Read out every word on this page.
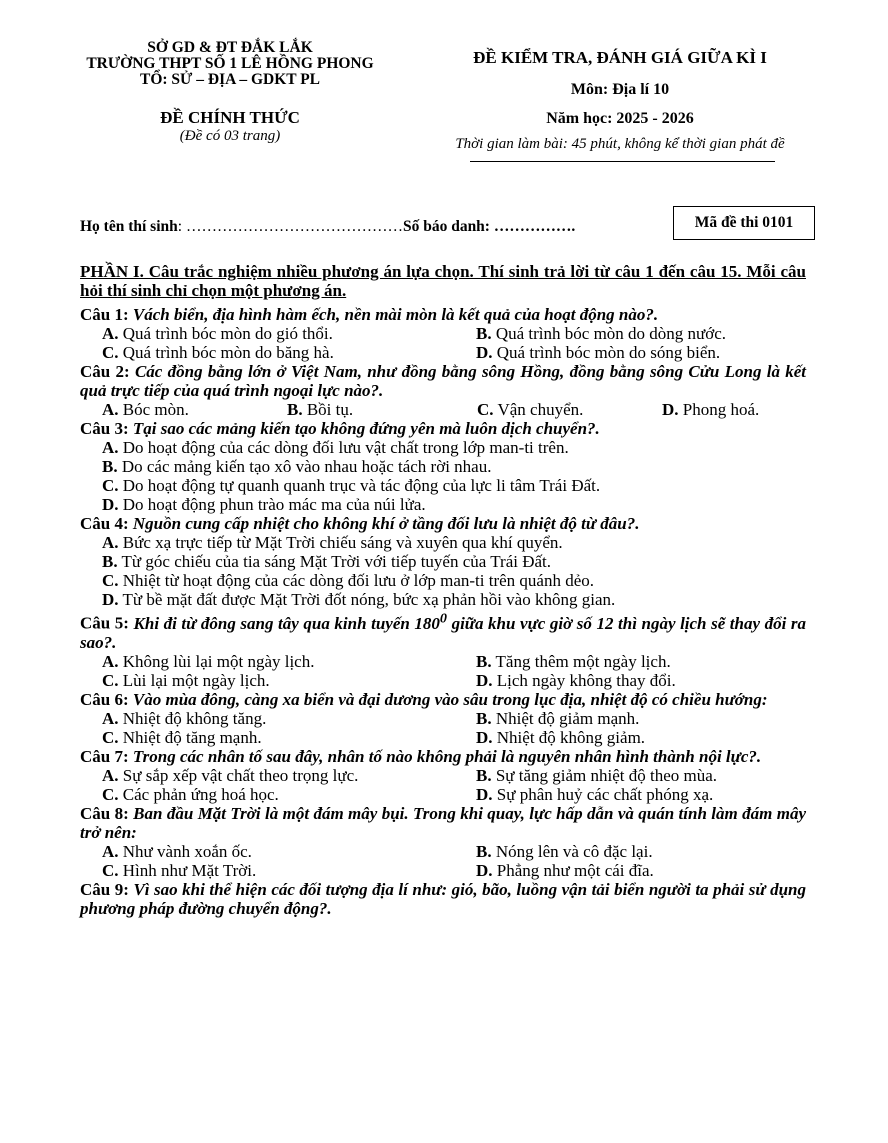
SỞ GD & ĐT ĐẮK LẮK
TRƯỜNG THPT SỐ 1 LÊ HỒNG PHONG
TỔ: SỬ – ĐỊA – GDKT PL
ĐỀ CHÍNH THỨC
(Đề có 03 trang)
ĐỀ KIỂM TRA, ĐÁNH GIÁ GIỮA KÌ I
Môn: Địa lí 10
Năm học: 2025 - 2026
Thời gian làm bài: 45 phút, không kể thời gian phát đề
Họ tên thí sinh: ……………………………………Số báo danh: …………….	Mã đề thi 0101
PHẦN I. Câu trắc nghiệm nhiều phương án lựa chọn. Thí sinh trả lời từ câu 1 đến câu 15. Mỗi câu hỏi thí sinh chỉ chọn một phương án.
Câu 1: Vách biển, địa hình hàm ếch, nền mài mòn là kết quả của hoạt động nào?.
A. Quá trình bóc mòn do gió thổi.	B. Quá trình bóc mòn do dòng nước.
C. Quá trình bóc mòn do băng hà.	D. Quá trình bóc mòn do sóng biển.
Câu 2: Các đồng bằng lớn ở Việt Nam, như đồng bằng sông Hồng, đồng bằng sông Cửu Long là kết quả trực tiếp của quá trình ngoại lực nào?.
A. Bóc mòn.	B. Bồi tụ.	C. Vận chuyển.	D. Phong hoá.
Câu 3: Tại sao các mảng kiến tạo không đứng yên mà luôn dịch chuyển?.
A. Do hoạt động của các dòng đối lưu vật chất trong lớp man-ti trên.
B. Do các mảng kiến tạo xô vào nhau hoặc tách rời nhau.
C. Do hoạt động tự quanh quanh trục và tác động của lực li tâm Trái Đất.
D. Do hoạt động phun trào mác ma của núi lửa.
Câu 4: Nguồn cung cấp nhiệt cho không khí ở tầng đối lưu là nhiệt độ từ đâu?.
A. Bức xạ trực tiếp từ Mặt Trời chiếu sáng và xuyên qua khí quyển.
B. Từ góc chiếu của tia sáng Mặt Trời với tiếp tuyến của Trái Đất.
C. Nhiệt từ hoạt động của các dòng đối lưu ở lớp man-ti trên quánh dẻo.
D. Từ bề mặt đất được Mặt Trời đốt nóng, bức xạ phản hồi vào không gian.
Câu 5: Khi đi từ đông sang tây qua kinh tuyến $180^0$ giữa khu vực giờ số 12 thì ngày lịch sẽ thay đổi ra sao?.
A. Không lùi lại một ngày lịch.	B. Tăng thêm một ngày lịch.
C. Lùi lại một ngày lịch.	D. Lịch ngày không thay đổi.
Câu 6: Vào mùa đông, càng xa biển và đại dương vào sâu trong lục địa, nhiệt độ có chiều hướng:
A. Nhiệt độ không tăng.	B. Nhiệt độ giảm mạnh.
C. Nhiệt độ tăng mạnh.	D. Nhiệt độ không giảm.
Câu 7: Trong các nhân tố sau đây, nhân tố nào không phải là nguyên nhân hình thành nội lực?.
A. Sự sắp xếp vật chất theo trọng lực.	B. Sự tăng giảm nhiệt độ theo mùa.
C. Các phản ứng hoá học.	D. Sự phân huỷ các chất phóng xạ.
Câu 8: Ban đầu Mặt Trời là một đám mây bụi. Trong khi quay, lực hấp dẫn và quán tính làm đám mây trở nên:
A. Như vành xoắn ốc.	B. Nóng lên và cô đặc lại.
C. Hình như Mặt Trời.	D. Phẳng như một cái đĩa.
Câu 9: Vì sao khi thể hiện các đối tượng địa lí như: gió, bão, luồng vận tải biển người ta phải sử dụng phương pháp đường chuyển động?.
